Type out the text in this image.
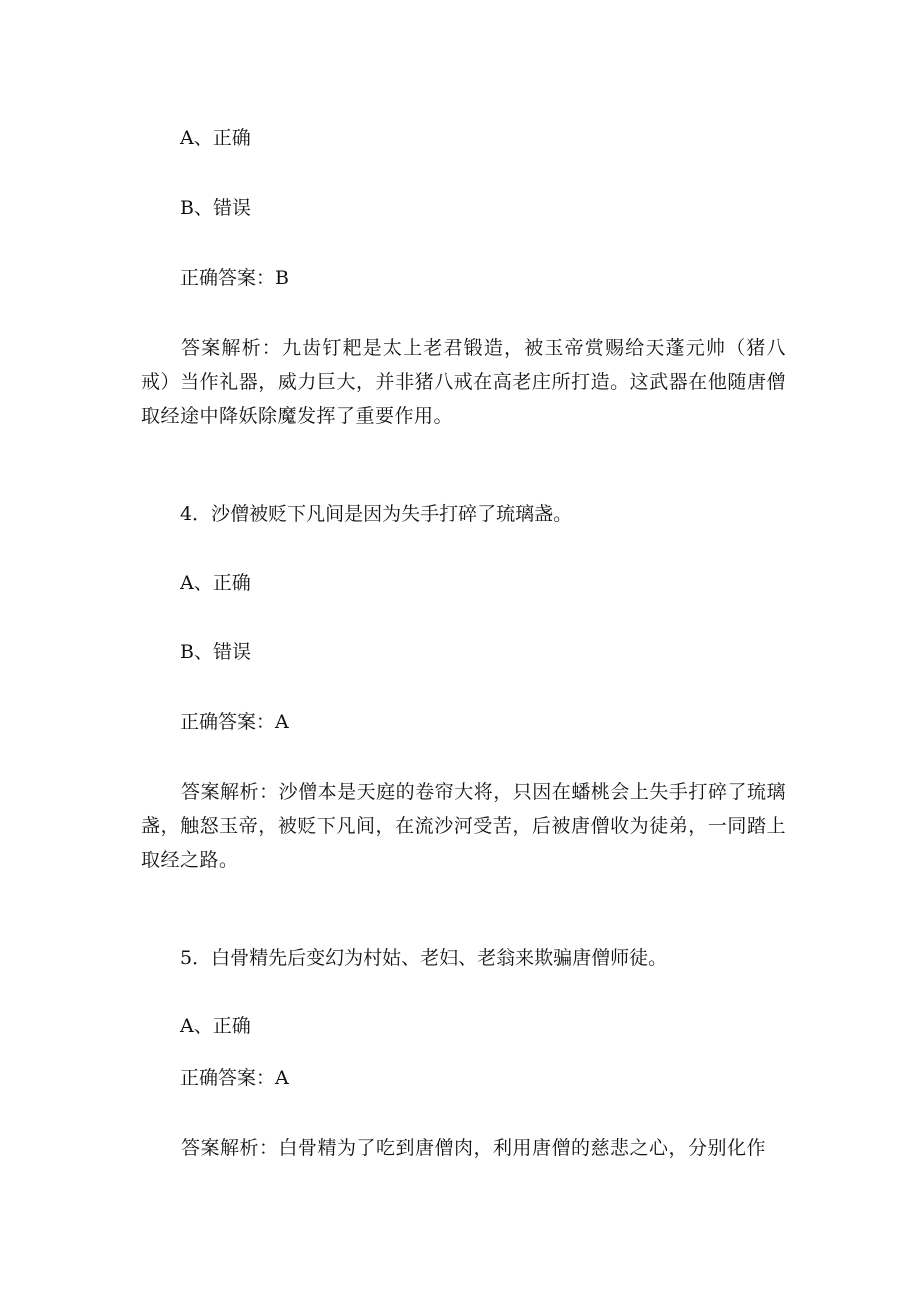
A、正确
B、错误
正确答案：B
答案解析：九齿钉耙是太上老君锻造，被玉帝赏赐给天蓬元帅（猪八戒）当作礼器，威力巨大，并非猪八戒在高老庄所打造。这武器在他随唐僧取经途中降妖除魔发挥了重要作用。
4．沙僧被贬下凡间是因为失手打碎了琉璃盏。
A、正确
B、错误
正确答案：A
答案解析：沙僧本是天庭的卷帘大将，只因在蟠桃会上失手打碎了琉璃盏，触怒玉帝，被贬下凡间，在流沙河受苦，后被唐僧收为徒弟，一同踏上取经之路。
5．白骨精先后变幻为村姑、老妇、老翁来欺骗唐僧师徒。
A、正确
正确答案：A
答案解析：白骨精为了吃到唐僧肉，利用唐僧的慈悲之心，分别化作
